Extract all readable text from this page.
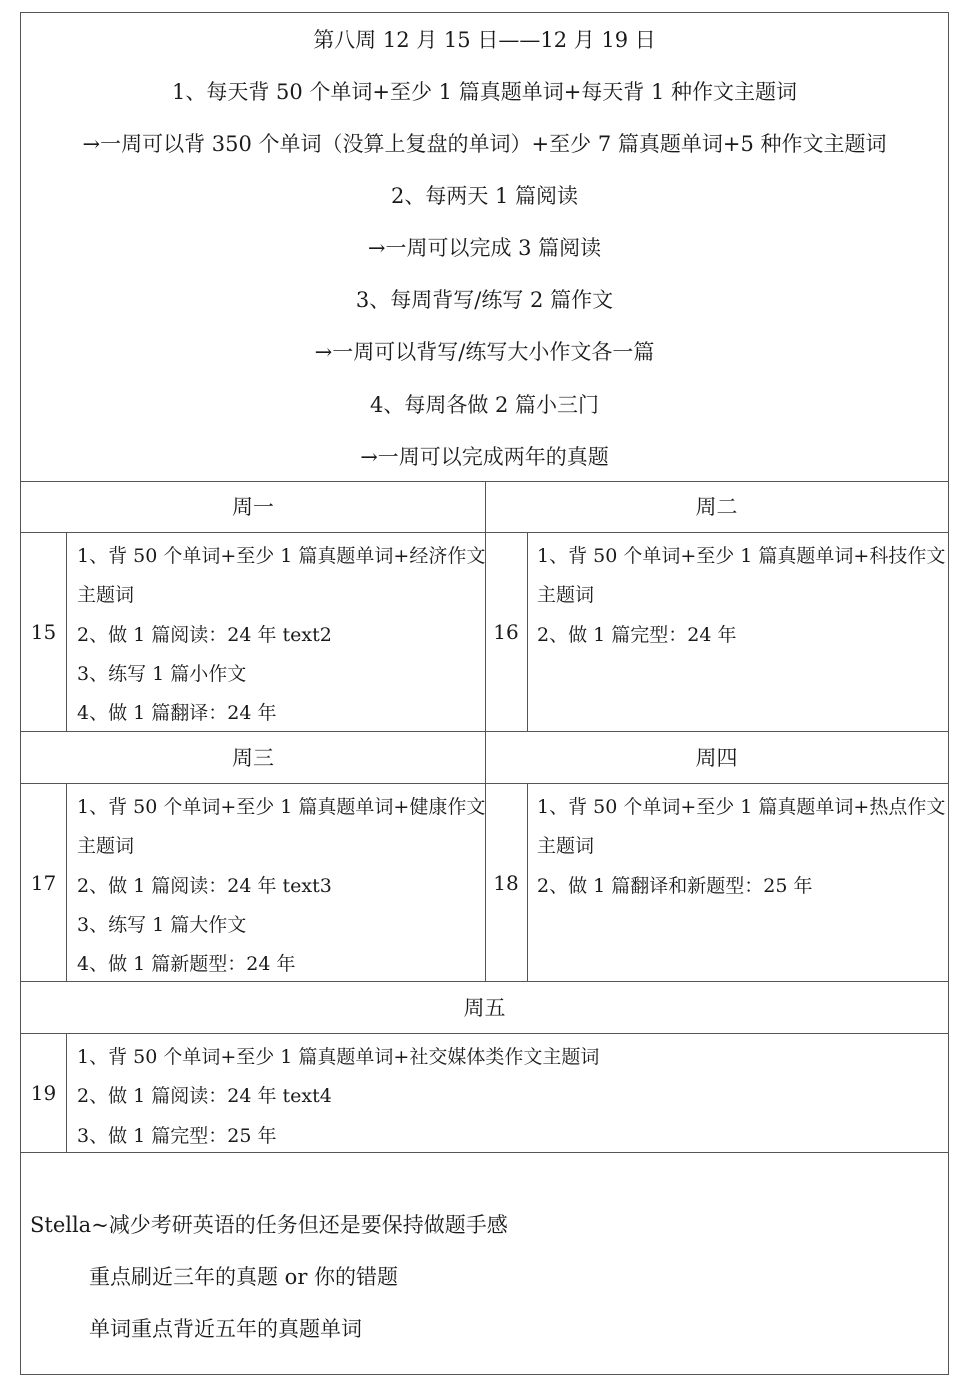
第八周 12 月 15 日——12 月 19 日
1、每天背 50 个单词+至少 1 篇真题单词+每天背 1 种作文主题词
→一周可以背 350 个单词（没算上复盘的单词）+至少 7 篇真题单词+5 种作文主题词
2、每两天 1 篇阅读
→一周可以完成 3 篇阅读
3、每周背写/练写 2 篇作文
→一周可以背写/练写大小作文各一篇
4、每周各做 2 篇小三门
→一周可以完成两年的真题
周一	周二
15
1、背 50 个单词+至少 1 篇真题单词+经济作文
主题词
2、做 1 篇阅读：24 年 text2
3、练写 1 篇小作文
4、做 1 篇翻译：24 年
16
1、背 50 个单词+至少 1 篇真题单词+科技作文
主题词
2、做 1 篇完型：24 年
周三	周四
17
1、背 50 个单词+至少 1 篇真题单词+健康作文
主题词
2、做 1 篇阅读：24 年 text3
3、练写 1 篇大作文
4、做 1 篇新题型：24 年
18
1、背 50 个单词+至少 1 篇真题单词+热点作文
主题词
2、做 1 篇翻译和新题型：25 年
周五
19
1、背 50 个单词+至少 1 篇真题单词+社交媒体类作文主题词
2、做 1 篇阅读：24 年 text4
3、做 1 篇完型：25 年
Stella~减少考研英语的任务但还是要保持做题手感
重点刷近三年的真题 or 你的错题
单词重点背近五年的真题单词
